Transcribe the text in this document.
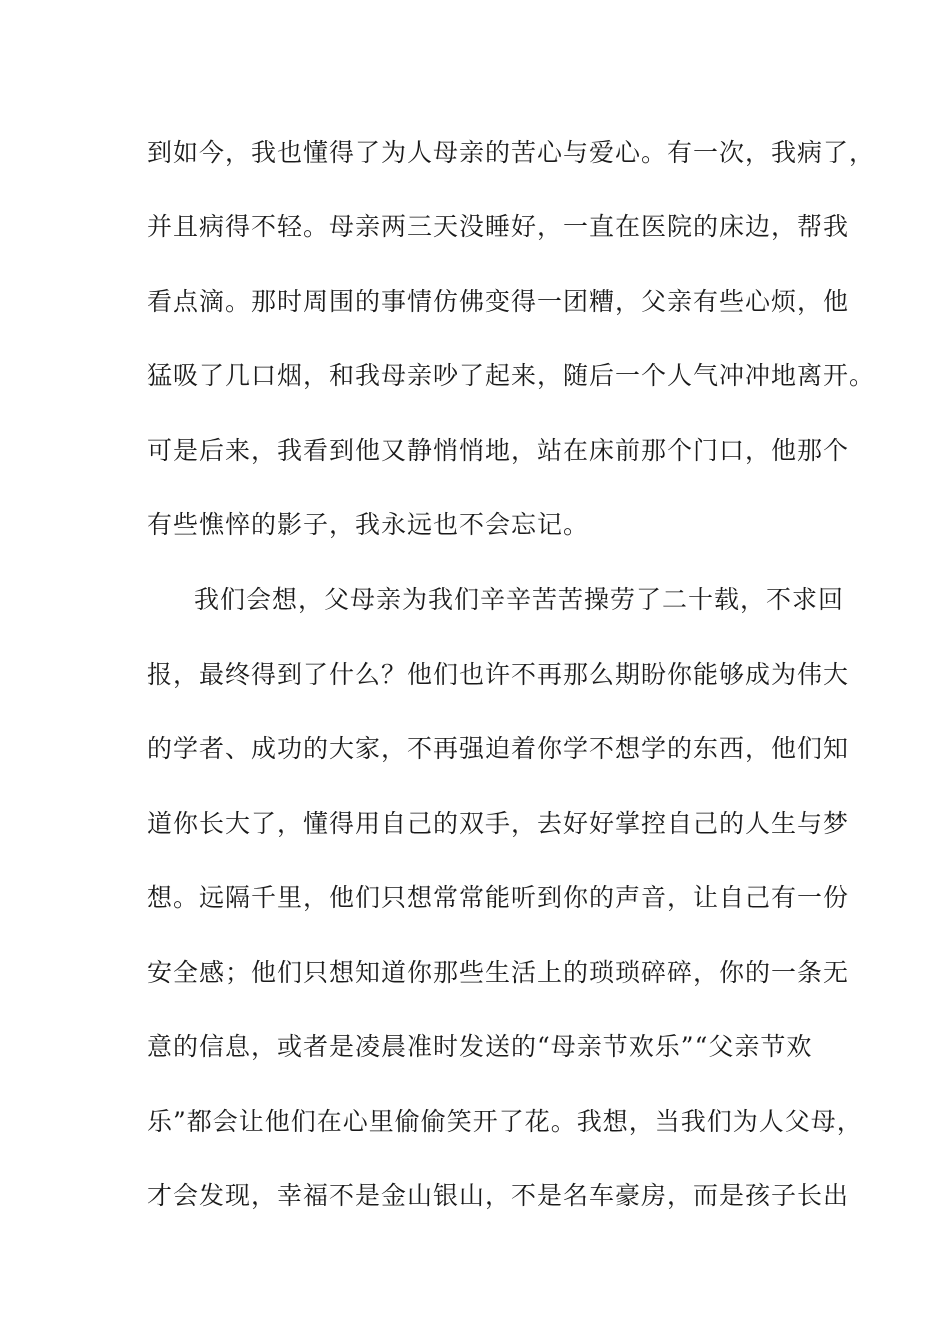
到如今，我也懂得了为人母亲的苦心与爱心。有一次，我病了，
并且病得不轻。母亲两三天没睡好，一直在医院的床边，帮我
看点滴。那时周围的事情仿佛变得一团糟，父亲有些心烦，他
猛吸了几口烟，和我母亲吵了起来，随后一个人气冲冲地离开。
可是后来，我看到他又静悄悄地，站在床前那个门口，他那个
有些憔悴的影子，我永远也不会忘记。
我们会想，父母亲为我们辛辛苦苦操劳了二十载，不求回
报，最终得到了什么？他们也许不再那么期盼你能够成为伟大
的学者、成功的大家，不再强迫着你学不想学的东西，他们知
道你长大了，懂得用自己的双手，去好好掌控自己的人生与梦
想。远隔千里，他们只想常常能听到你的声音，让自己有一份
安全感；他们只想知道你那些生活上的琐琐碎碎，你的一条无
意的信息，或者是凌晨准时发送的“母亲节欢乐”“父亲节欢
乐”都会让他们在心里偷偷笑开了花。我想，当我们为人父母，
才会发现，幸福不是金山银山，不是名车豪房，而是孩子长出
